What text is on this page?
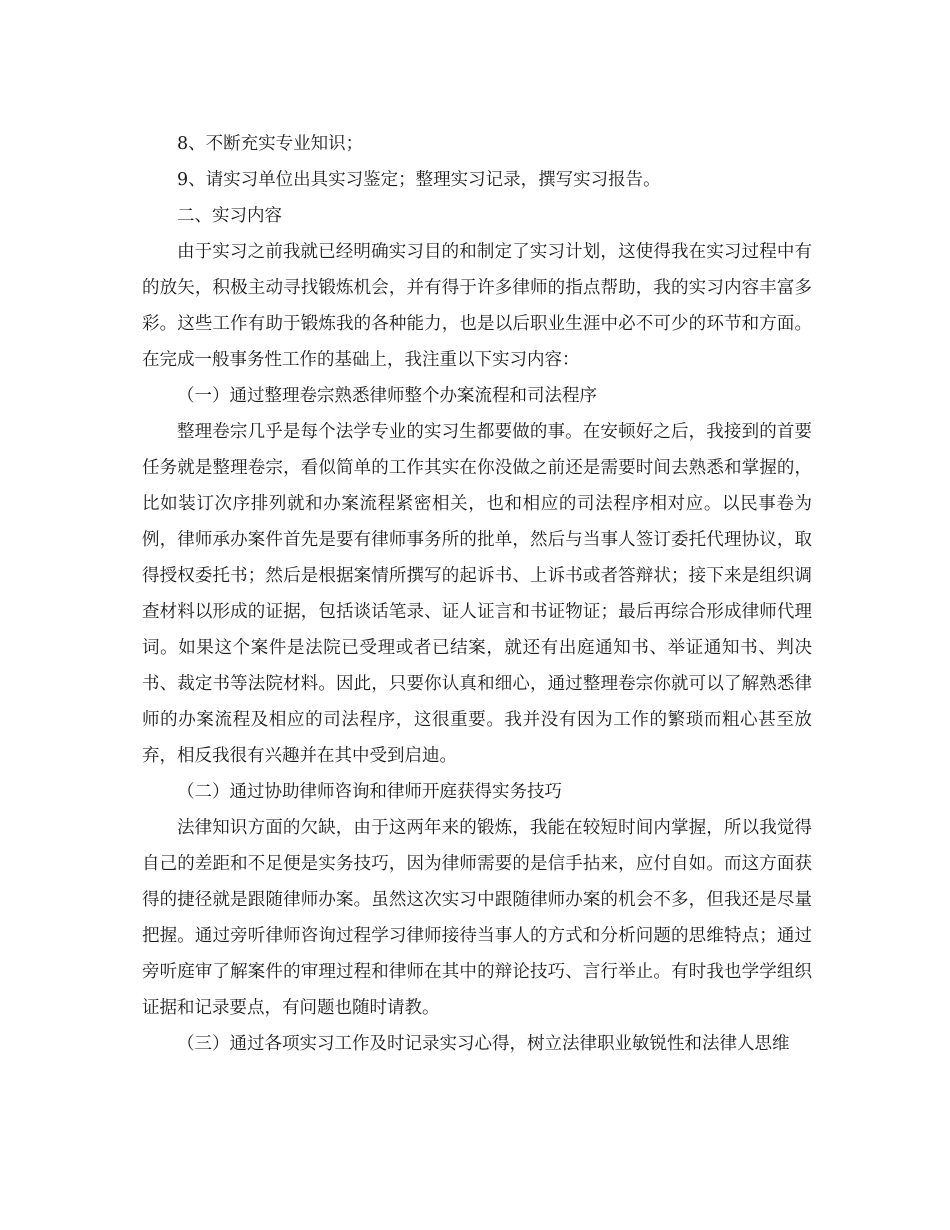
8、不断充实专业知识；

9、请实习单位出具实习鉴定；整理实习记录，撰写实习报告。

二、实习内容

由于实习之前我就已经明确实习目的和制定了实习计划，这使得我在实习过程中有的放矢，积极主动寻找锻炼机会，并有得于许多律师的指点帮助，我的实习内容丰富多彩。这些工作有助于锻炼我的各种能力，也是以后职业生涯中必不可少的环节和方面。在完成一般事务性工作的基础上，我注重以下实习内容：

（一）通过整理卷宗熟悉律师整个办案流程和司法程序

整理卷宗几乎是每个法学专业的实习生都要做的事。在安顿好之后，我接到的首要任务就是整理卷宗，看似简单的工作其实在你没做之前还是需要时间去熟悉和掌握的，比如装订次序排列就和办案流程紧密相关，也和相应的司法程序相对应。以民事卷为例，律师承办案件首先是要有律师事务所的批单，然后与当事人签订委托代理协议，取得授权委托书；然后是根据案情所撰写的起诉书、上诉书或者答辩状；接下来是组织调查材料以形成的证据，包括谈话笔录、证人证言和书证物证；最后再综合形成律师代理词。如果这个案件是法院已受理或者已结案，就还有出庭通知书、举证通知书、判决书、裁定书等法院材料。因此，只要你认真和细心，通过整理卷宗你就可以了解熟悉律师的办案流程及相应的司法程序，这很重要。我并没有因为工作的繁琐而粗心甚至放弃，相反我很有兴趣并在其中受到启迪。

（二）通过协助律师咨询和律师开庭获得实务技巧

法律知识方面的欠缺，由于这两年来的锻炼，我能在较短时间内掌握，所以我觉得自己的差距和不足便是实务技巧，因为律师需要的是信手拈来，应付自如。而这方面获得的捷径就是跟随律师办案。虽然这次实习中跟随律师办案的机会不多，但我还是尽量把握。通过旁听律师咨询过程学习律师接待当事人的方式和分析问题的思维特点；通过旁听庭审了解案件的审理过程和律师在其中的辩论技巧、言行举止。有时我也学学组织证据和记录要点，有问题也随时请教。

（三）通过各项实习工作及时记录实习心得，树立法律职业敏锐性和法律人思维
